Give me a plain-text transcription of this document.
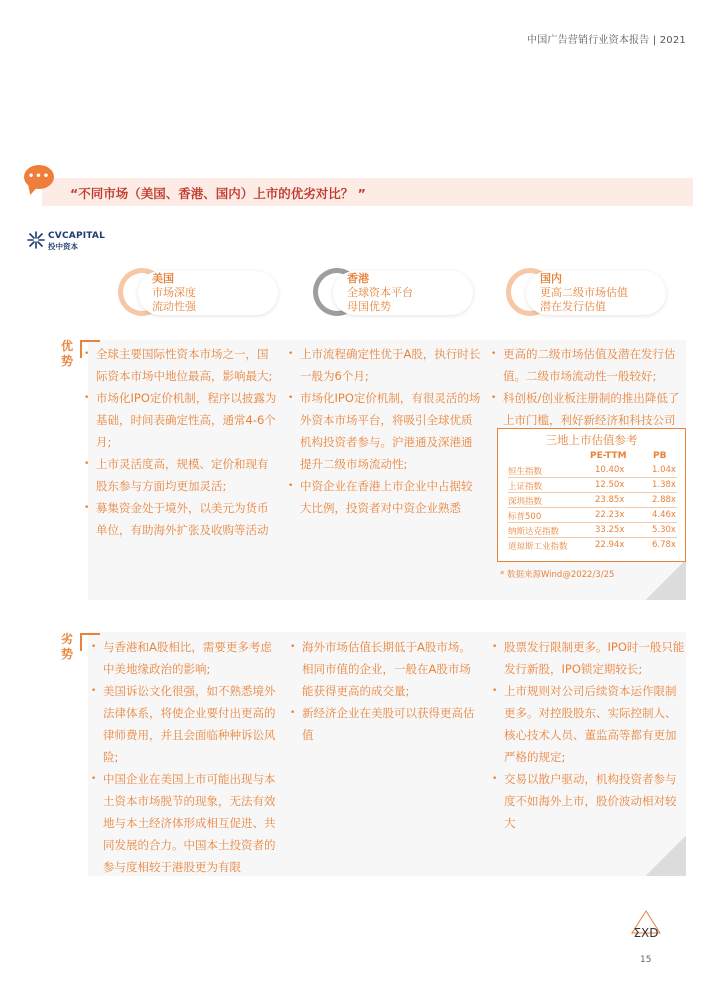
中国广告营销行业资本报告 | 2021
•••
“不同市场（美国、香港、国内）上市的优劣对比？ ”
CVCAPITAL
投中资本
美国
市场深度
流动性强
香港
全球资本平台
母国优势
国内
更高二级市场估值
潜在发行估值
优势 • 全球主要国际性资本市场之一，国际资本市场中地位最高，影响最大;
• 市场化IPO定价机制，程序以披露为基础，时间表确定性高，通常4-6个月;
• 上市灵活度高，规模、定价和现有股东参与方面均更加灵活;
• 募集资金处于境外，以美元为货币单位，有助海外扩张及收购等活动
• 上市流程确定性优于A股，执行时长一般为6个月;
• 市场化IPO定价机制，有很灵活的场外资本市场平台，将吸引全球优质机构投资者参与。沪港通及深港通提升二级市场流动性;
• 中资企业在香港上市企业中占据较大比例，投资者对中资企业熟悉
• 更高的二级市场估值及潜在发行估值。二级市场流动性一般较好;
• 科创板/创业板注册制的推出降低了上市门槛，利好新经济和科技公司
三地上市估值参考
PE-TTM	PB
恒生指数	10.40x	1.04x
上证指数	12.50x	1.38x
深圳指数	23.85x	2.88x
标普500	22.23x	4.46x
纳斯达克指数	33.25x	5.30x
道琼斯工业指数	22.94x	6.78x
* 数据来源Wind@2022/3/25
劣势	• 与香港和A股相比，需要更多考虑中美地缘政治的影响;
• 美国诉讼文化很强，如不熟悉境外法律体系，将使企业要付出更高的律师费用，并且会面临种种诉讼风险;
• 中国企业在美国上市可能出现与本土资本市场脱节的现象，无法有效地与本土经济体形成相互促进、共同发展的合力。中国本土投资者的参与度相较于港股更为有限
• 海外市场估值长期低于A股市场。相同市值的企业，一般在A股市场能获得更高的成交量;
• 新经济企业在美股可以获得更高估值
• 股票发行限制更多。IPO时一般只能发行新股，IPO锁定期较长;
• 上市规则对公司后续资本运作限制更多。对控股股东、实际控制人、核心技术人员、董监高等都有更加严格的规定;
• 交易以散户驱动，机构投资者参与度不如海外上市，股价波动相对较大
ΣⅩD
15
